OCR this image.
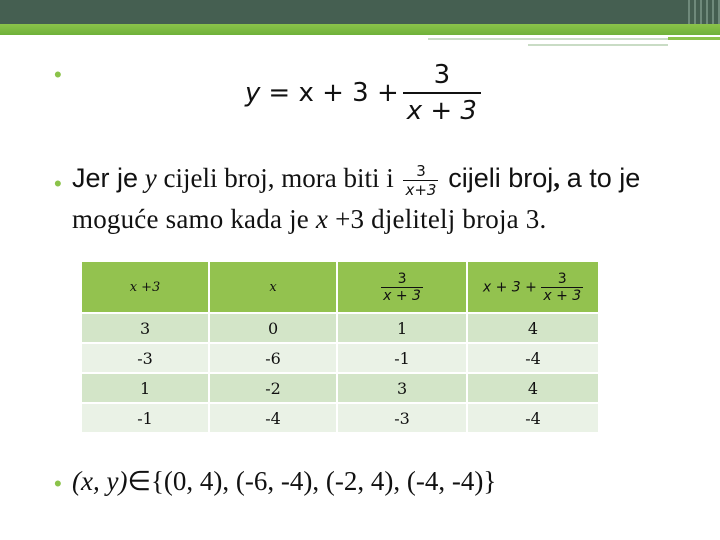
•
$y = x + 3 + \frac{3}{x + 3}$
• Jer je y cijeli broj, mora biti i $\frac{3}{x+3}$ cijeli broj, a to je
moguće samo kada je x +3 djelitelj broja 3.
x +3	x	$\frac{3}{x + 3}$	$x + 3 + \frac{3}{x + 3}$

3	0	1	4
-3	-6	-1	-4
1	-2	3	4
-1	-4	-3	-4
• (x, y)∈{(0, 4), (-6, -4), (-2, 4), (-4, -4)}
